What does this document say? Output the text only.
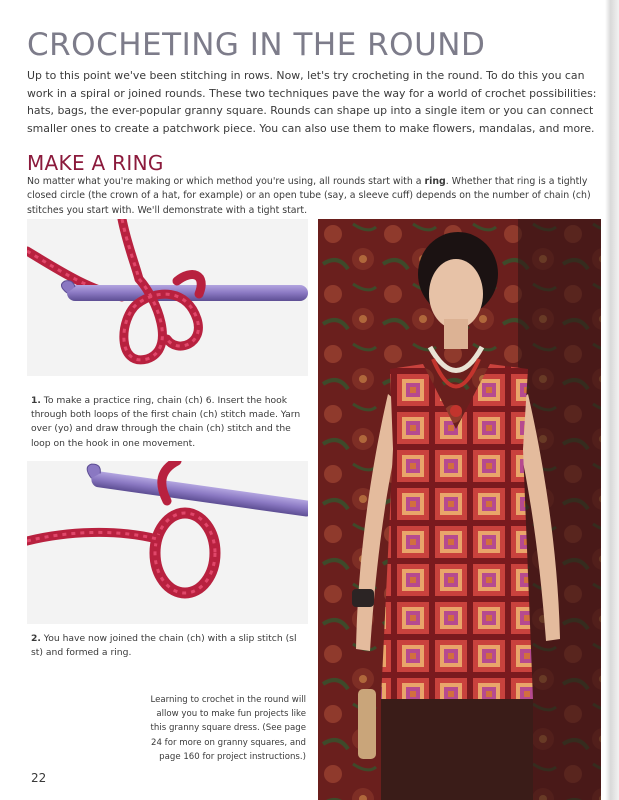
CROCHETING IN THE ROUND

Up to this point we've been stitching in rows. Now, let's try crocheting in the round. To do this you can work in a spiral or joined rounds. These two techniques pave the way for a world of crochet possibilities: hats, bags, the ever-popular granny square. Rounds can shape up into a single item or you can connect smaller ones to create a patchwork piece. You can also use them to make flowers, mandalas, and more.

MAKE A RING

No matter what you're making or which method you're using, all rounds start with a ring. Whether that ring is a tightly closed circle (the crown of a hat, for example) or an open tube (say, a sleeve cuff) depends on the number of chain (ch) stitches you start with. We'll demonstrate with a tight start.

1. To make a practice ring, chain (ch) 6. Insert the hook through both loops of the first chain (ch) stitch made. Yarn over (yo) and draw through the chain (ch) stitch and the loop on the hook in one movement.

2. You have now joined the chain (ch) with a slip stitch (sl st) and formed a ring.

Learning to crochet in the round will allow you to make fun projects like this granny square dress. (See page 24 for more on granny squares, and page 160 for project instructions.)

22
